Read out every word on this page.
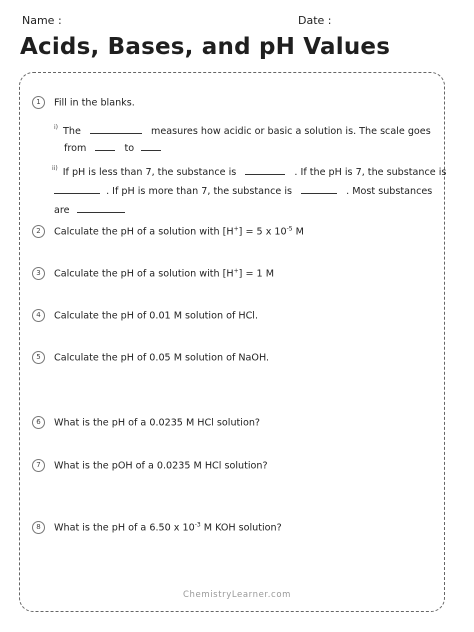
Name :	Date :
Acids, Bases, and pH Values
1 Fill in the blanks.
$^{i)}$ The	measures how acidic or basic a solution is. The scale goes
from	to
$^{ii)}$ If pH is less than 7, the substance is	. If the pH is 7, the substance is
. If pH is more than 7, the substance is	. Most substances
are
2 Calculate the pH of a solution with [H+] = 5 x $10^{-5}$ M
3 Calculate the pH of a solution with [H+] = 1 M
4 Calculate the pH of 0.01 M solution of HCl.
5 Calculate the pH of 0.05 M solution of NaOH.
6 What is the pH of a 0.0235 M HCl solution?
7 What is the pOH of a 0.0235 M HCl solution?
8 What is the pH of a 6.50 x $10^{-3}$ M KOH solution?
ChemistryLearner.com
